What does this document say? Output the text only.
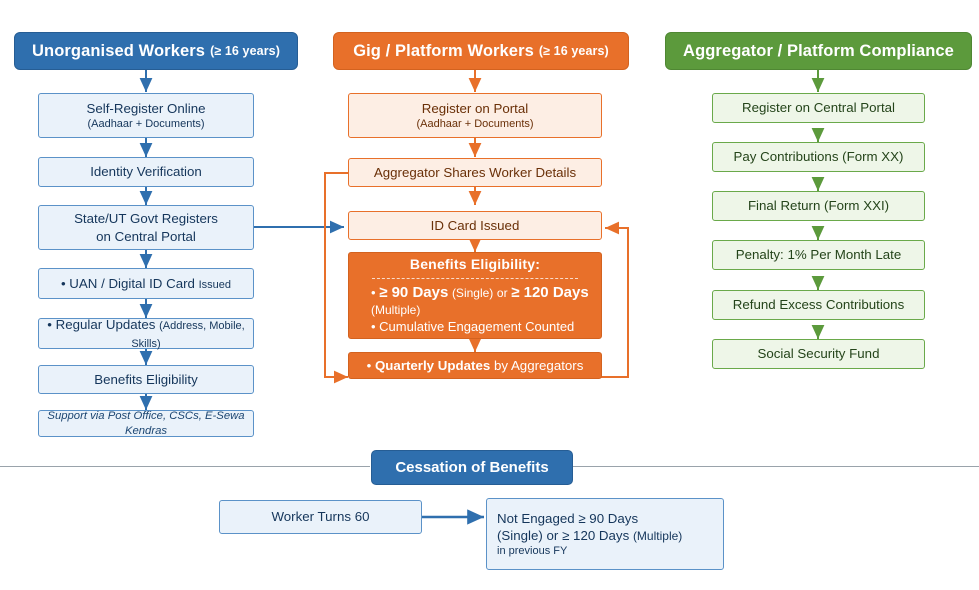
Unorganised Workers (≥ 16 years)
Self-Register Online
(Aadhaar + Documents)
Identity Verification
State/UT Govt Registers
on Central Portal
• UAN / Digital ID Card Issued
• Regular Updates (Address, Mobile, Skills)
Benefits Eligibility
Support via Post Office, CSCs, E-Sewa Kendras
Gig / Platform Workers (≥ 16 years)
Register on Portal
(Aadhaar + Documents)
Aggregator Shares Worker Details
ID Card Issued
Benefits Eligibility:
• ≥ 90 Days (Single) or ≥ 120 Days (Multiple)
• Cumulative Engagement Counted
• Quarterly Updates by Aggregators
Aggregator / Platform Compliance
Register on Central Portal
Pay Contributions (Form XX)
Final Return (Form XXI)
Penalty: 1% Per Month Late
Refund Excess Contributions
Social Security Fund
Cessation of Benefits
Worker Turns 60	Not Engaged ≥ 90 Days
(Single) or ≥ 120 Days (Multiple)
in previous FY
